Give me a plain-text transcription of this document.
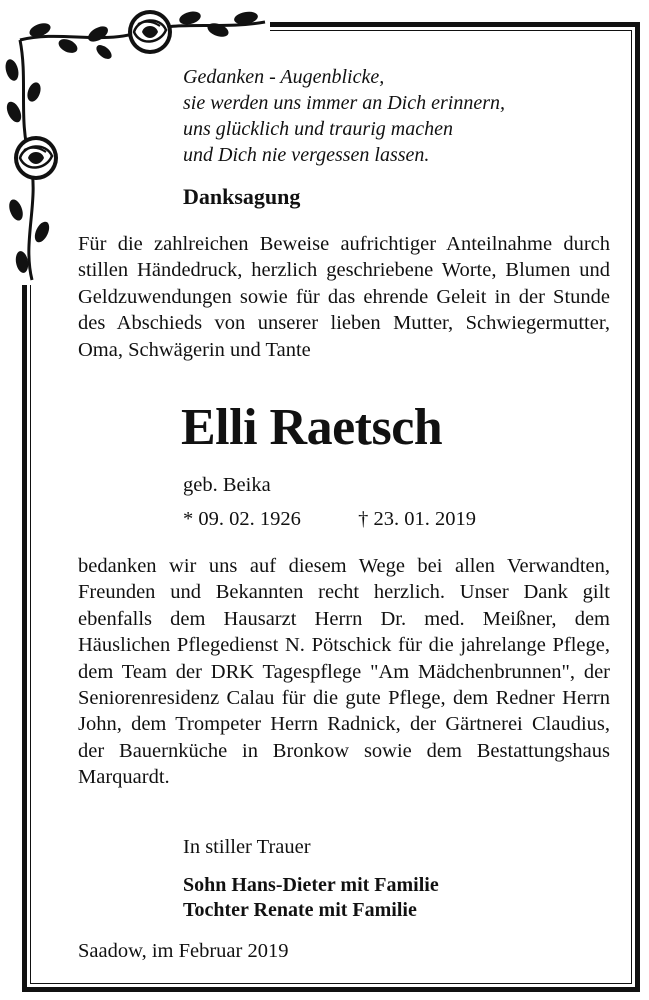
Gedanken - Augenblicke,
sie werden uns immer an Dich erinnern,
uns glücklich und traurig machen
und Dich nie vergessen lassen.
Danksagung
Für die zahlreichen Beweise aufrichtiger Anteilnahme durch stillen Händedruck, herzlich geschriebene Worte, Blumen und Geldzuwendungen sowie für das ehrende Geleit in der Stunde des Abschieds von unserer lieben Mutter, Schwiegermutter, Oma, Schwägerin und Tante
Elli Raetsch
geb. Beika
* 09. 02. 1926	† 23. 01. 2019
bedanken wir uns auf diesem Wege bei allen Verwandten, Freunden und Bekannten recht herzlich. Unser Dank gilt ebenfalls dem Hausarzt Herrn Dr. med. Meißner, dem Häuslichen Pflegedienst N. Pötschick für die jahrelange Pflege, dem Team der DRK Tagespflege "Am Mädchenbrunnen", der Seniorenresidenz Calau für die gute Pflege, dem Redner Herrn John, dem Trompeter Herrn Radnick, der Gärtnerei Claudius, der Bauernküche in Bronkow sowie dem Bestattungshaus Marquardt.
In stiller Trauer
Sohn Hans-Dieter mit Familie
Tochter Renate mit Familie
Saadow, im Februar 2019
